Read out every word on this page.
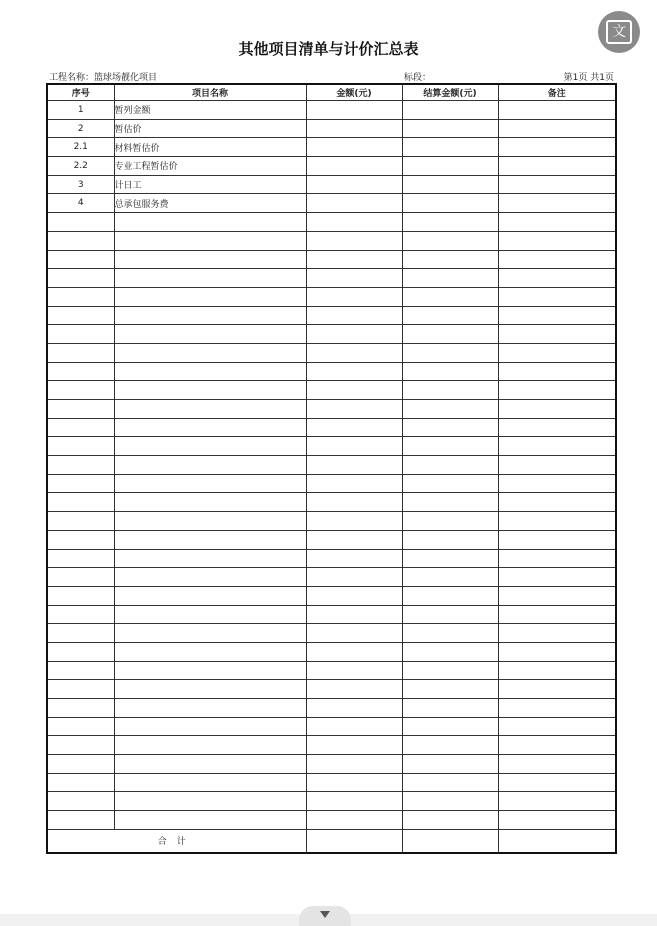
其他项目清单与计价汇总表
工程名称：篮球场靓化项目	标段：	第1页 共1页
序号	项目名称	金额(元)	结算金额(元)	备注
1	暂列金额			
2	暂估价			
2.1	材料暂估价			
2.2	专业工程暂估价			
3	计日工			
4	总承包服务费			

合计				
文
